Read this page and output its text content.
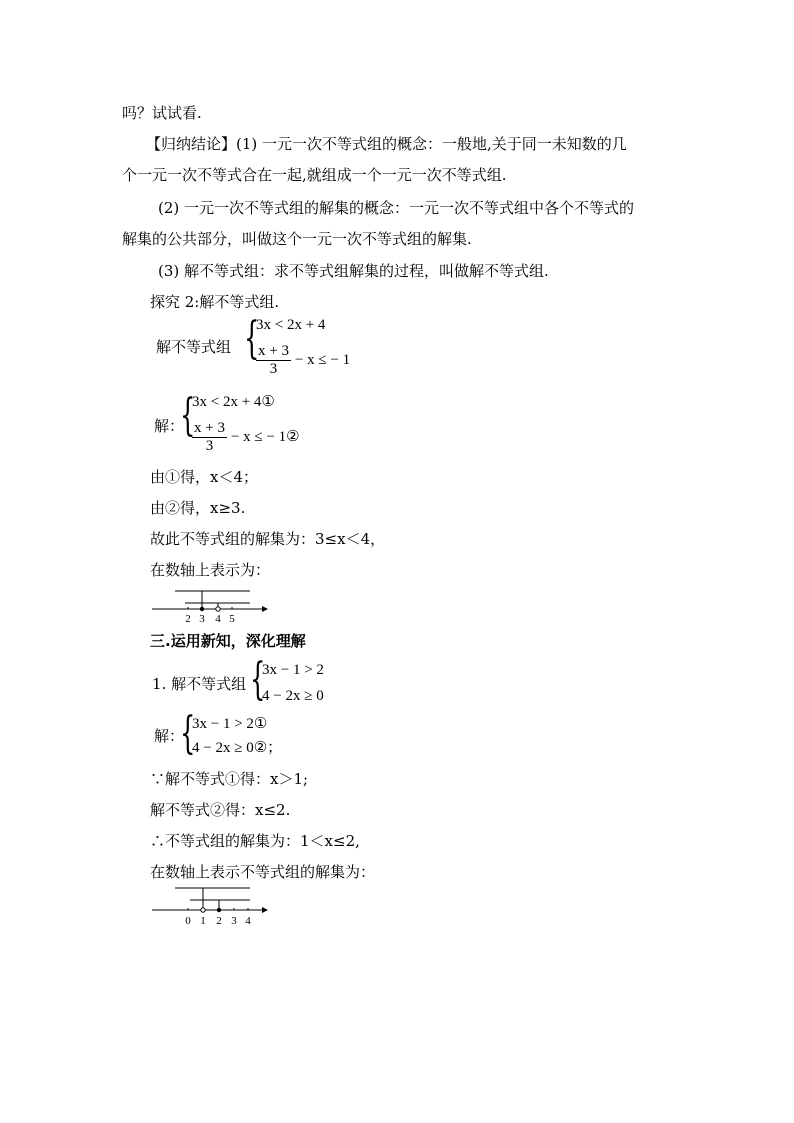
吗？试试看.
【归纳结论】(1) 一元一次不等式组的概念：一般地,关于同一未知数的几
个一元一次不等式合在一起,就组成一个一元一次不等式组.
(2) 一元一次不等式组的解集的概念：一元一次不等式组中各个不等式的
解集的公共部分，叫做这个一元一次不等式组的解集.
(3) 解不等式组：求不等式组解集的过程，叫做解不等式组.
探究 2:解不等式组.
解不等式组 {
3x < 2x + 4
$\frac{x + 3}{3} - x$ ≤ − 1
解：
{
3x < 2x + 4①
$\frac{x + 3}{3} - x$ ≤ − 1②
由①得，x＜4；
由②得，x≥3.
故此不等式组的解集为：3≤x＜4，
在数轴上表示为：
2 3 4 5
三.运用新知，深化理解
1. 解不等式组 {
3x − 1 > 2
4 − 2x ≥ 0
解：
{
3x − 1 > 2①
4 − 2x ≥ 0②；
∵解不等式①得：x＞1;
解不等式②得：x≤2.
∴不等式组的解集为：1＜x≤2,
在数轴上表示不等式组的解集为：
0 1 2 3 4
